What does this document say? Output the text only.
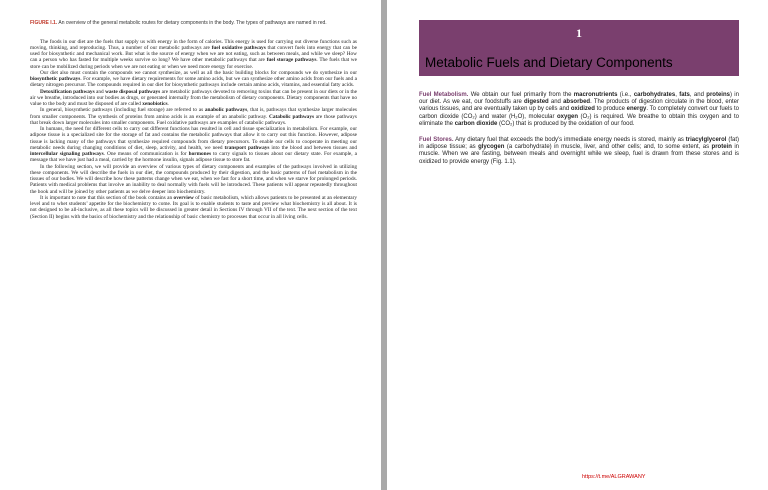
FIGURE I.1. An overview of the general metabolic routes for dietary components in the body. The types of pathways are named in red.

The foods in our diet are the fuels that supply us with energy in the form of calories. This energy is used for carrying out diverse functions such as moving, thinking, and reproducing. Thus, a number of our metabolic pathways are fuel oxidative pathways that convert fuels into energy that can be used for biosynthetic and mechanical work. But what is the source of energy when we are not eating, such as between meals, and while we sleep? How can a person who has fasted for multiple weeks survive so long? We have other metabolic pathways that are fuel storage pathways. The fuels that we store can be mobilized during periods when we are not eating or when we need more energy for exercise.

Our diet also must contain the compounds we cannot synthesize, as well as all the basic building blocks for compounds we do synthesize in our biosynthetic pathways. For example, we have dietary requirements for some amino acids, but we can synthesize other amino acids from our fuels and a dietary nitrogen precursor. The compounds required in our diet for biosynthetic pathways include certain amino acids, vitamins, and essential fatty acids.

Detoxification pathways and waste disposal pathways are metabolic pathways devoted to removing toxins that can be present in our diets or in the air we breathe, introduced into our bodies as drugs, or generated internally from the metabolism of dietary components. Dietary components that have no value to the body and must be disposed of are called xenobiotics.

In general, biosynthetic pathways (including fuel storage) are referred to as anabolic pathways, that is, pathways that synthesize larger molecules from smaller components. The synthesis of proteins from amino acids is an example of an anabolic pathway. Catabolic pathways are those pathways that break down larger molecules into smaller components. Fuel oxidative pathways are examples of catabolic pathways.

In humans, the need for different cells to carry out different functions has resulted in cell and tissue specialization in metabolism. For example, our adipose tissue is a specialized site for the storage of fat and contains the metabolic pathways that allow it to carry out this function. However, adipose tissue is lacking many of the pathways that synthesize required compounds from dietary precursors. To enable our cells to cooperate in meeting our metabolic needs during changing conditions of diet, sleep, activity, and health, we need transport pathways into the blood and between tissues and intercellular signaling pathways. One means of communication is for hormones to carry signals to tissues about our dietary state. For example, a message that we have just had a meal, carried by the hormone insulin, signals adipose tissue to store fat.

In the following section, we will provide an overview of various types of dietary components and examples of the pathways involved in utilizing these components. We will describe the fuels in our diet, the compounds produced by their digestion, and the basic patterns of fuel metabolism in the tissues of our bodies. We will describe how these patterns change when we eat, when we fast for a short time, and when we starve for prolonged periods. Patients with medical problems that involve an inability to deal normally with fuels will be introduced. These patients will appear repeatedly throughout the book and will be joined by other patients as we delve deeper into biochemistry.

It is important to note that this section of the book contains an overview of basic metabolism, which allows patients to be presented at an elementary level and to whet students’ appetite for the biochemistry to come. Its goal is to enable students to taste and preview what biochemistry is all about. It is not designed to be all-inclusive, as all these topics will be discussed in greater detail in Sections IV through VII of the text. The next section of the text (Section II) begins with the basics of biochemistry and the relationship of basic chemistry to processes that occur in all living cells.

1
Metabolic Fuels and Dietary Components

Fuel Metabolism. We obtain our fuel primarily from the macronutrients (i.e., carbohydrates, fats, and proteins) in our diet. As we eat, our foodstuffs are digested and absorbed. The products of digestion circulate in the blood, enter various tissues, and are eventually taken up by cells and oxidized to produce energy. To completely convert our fuels to carbon dioxide (CO₂) and water (H₂O), molecular oxygen (O₂) is required. We breathe to obtain this oxygen and to eliminate the carbon dioxide (CO₂) that is produced by the oxidation of our food.

Fuel Stores. Any dietary fuel that exceeds the body’s immediate energy needs is stored, mainly as triacylglycerol (fat) in adipose tissue; as glycogen (a carbohydrate) in muscle, liver, and other cells; and, to some extent, as protein in muscle. When we are fasting, between meals and overnight while we sleep, fuel is drawn from these stores and is oxidized to provide energy (Fig. 1.1).

https://t.me/ALGRAWANY
